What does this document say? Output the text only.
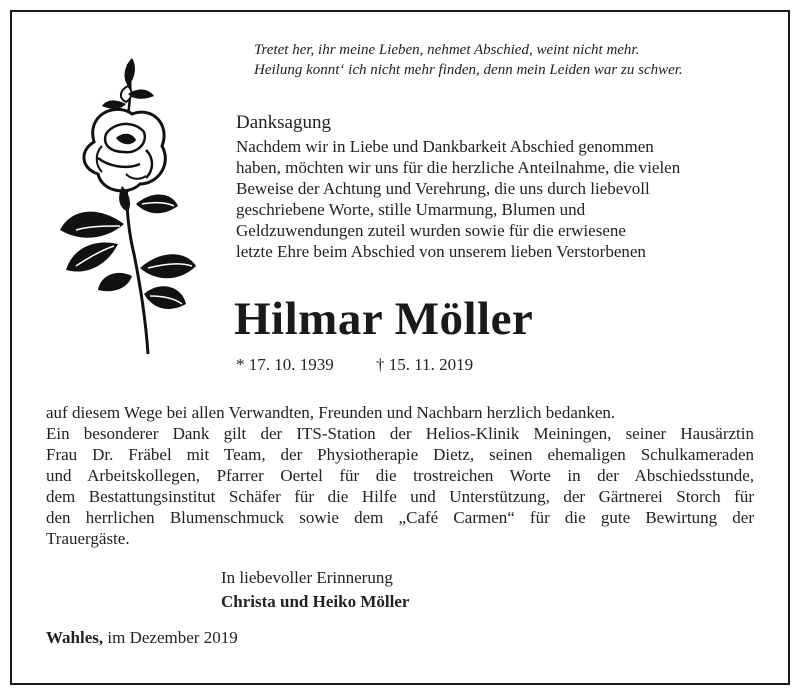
Tretet her, ihr meine Lieben, nehmet Abschied, weint nicht mehr.
Heilung konnt‘ ich nicht mehr finden, denn mein Leiden war zu schwer.
Danksagung
Nachdem wir in Liebe und Dankbarkeit Abschied genommen
haben, möchten wir uns für die herzliche Anteilnahme, die vielen
Beweise der Achtung und Verehrung, die uns durch liebevoll
geschriebene Worte, stille Umarmung, Blumen und
Geldzuwendungen zuteil wurden sowie für die erwiesene
letzte Ehre beim Abschied von unserem lieben Verstorbenen
Hilmar Möller
* 17. 10. 1939 † 15. 11. 2019
auf diesem Wege bei allen Verwandten, Freunden und Nachbarn herzlich bedanken.
Ein besonderer Dank gilt der ITS-Station der Helios-Klinik Meiningen, seiner Hausärztin
Frau Dr. Fräbel mit Team, der Physiotherapie Dietz, seinen ehemaligen Schulkameraden
und Arbeitskollegen, Pfarrer Oertel für die trostreichen Worte in der Abschiedsstunde,
dem Bestattungsinstitut Schäfer für die Hilfe und Unterstützung, der Gärtnerei Storch für
den herrlichen Blumenschmuck sowie dem „Café Carmen“ für die gute Bewirtung der
Trauergäste.
In liebevoller Erinnerung
Christa und Heiko Möller
Wahles, im Dezember 2019
